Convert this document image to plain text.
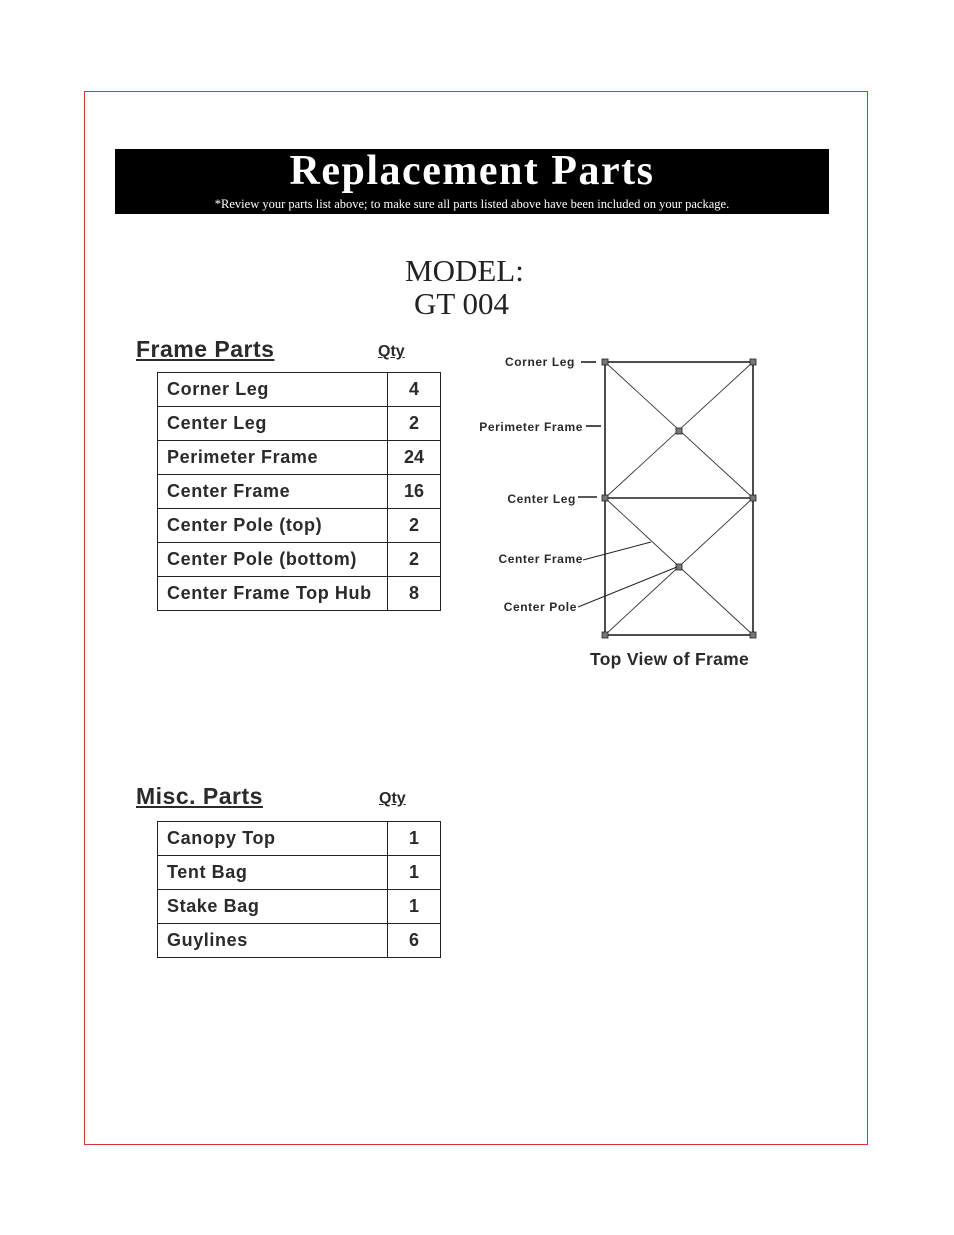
Replacement Parts
*Review your parts list above; to make sure all parts listed above have been included on your package.
MODEL:
GT 004
Frame Parts	Qty
Corner Leg	4
Center Leg	2
Perimeter Frame	24
Center Frame	16
Center Pole (top)	2
Center Pole (bottom)	2
Center Frame Top Hub	8
Misc. Parts	Qty
Canopy Top	1
Tent Bag	1
Stake Bag	1
Guylines	6
Corner Leg
Perimeter Frame
Center Leg
Center Frame
Center Pole
Top View of Frame
